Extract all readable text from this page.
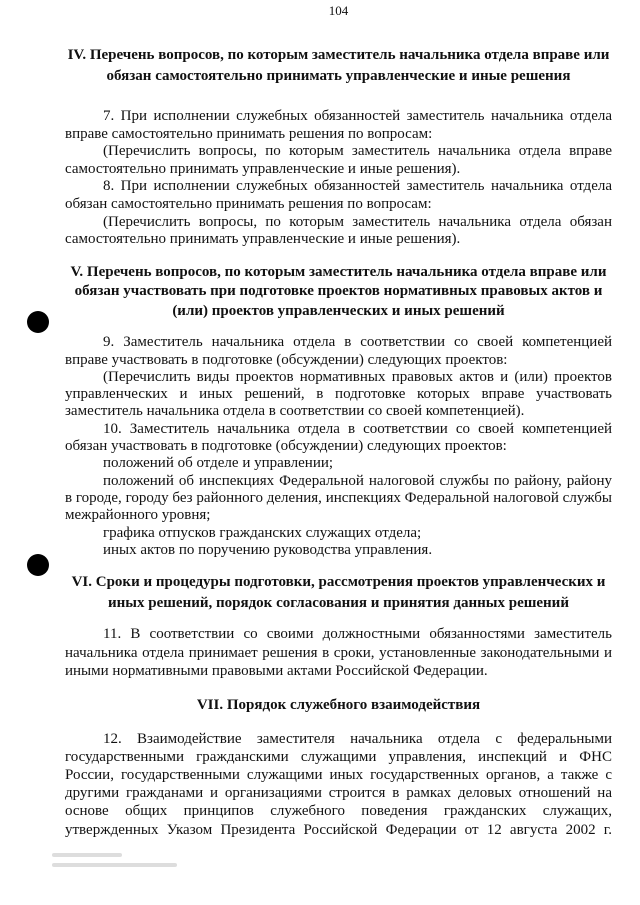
104
IV. Перечень вопросов, по которым заместитель начальника отдела вправе или обязан самостоятельно принимать управленческие и иные решения

7. При исполнении служебных обязанностей заместитель начальника отдела вправе самостоятельно принимать решения по вопросам:

(Перечислить вопросы, по которым заместитель начальника отдела вправе самостоятельно принимать управленческие и иные решения).

8. При исполнении служебных обязанностей заместитель начальника отдела обязан самостоятельно принимать решения по вопросам:

(Перечислить вопросы, по которым заместитель начальника отдела обязан самостоятельно принимать управленческие и иные решения).

V. Перечень вопросов, по которым заместитель начальника отдела вправе или обязан участвовать при подготовке проектов нормативных правовых актов и (или) проектов управленческих и иных решений

9. Заместитель начальника отдела в соответствии со своей компетенцией вправе участвовать в подготовке (обсуждении) следующих проектов:

(Перечислить виды проектов нормативных правовых актов и (или) проектов управленческих и иных решений, в подготовке которых вправе участвовать заместитель начальника отдела в соответствии со своей компетенцией).

10. Заместитель начальника отдела в соответствии со своей компетенцией обязан участвовать в подготовке (обсуждении) следующих проектов:

положений об отделе и управлении;

положений об инспекциях Федеральной налоговой службы по району, району в городе, городу без районного деления, инспекциях Федеральной налоговой службы межрайонного уровня;

графика отпусков гражданских служащих отдела;

иных актов по поручению руководства управления.

VI. Сроки и процедуры подготовки, рассмотрения проектов управленческих и иных решений, порядок согласования и принятия данных решений

11. В соответствии со своими должностными обязанностями заместитель начальника отдела принимает решения в сроки, установленные законодательными и иными нормативными правовыми актами Российской Федерации.

VII. Порядок служебного взаимодействия

12. Взаимодействие заместителя начальника отдела с федеральными государственными гражданскими служащими управления, инспекций и ФНС России, государственными служащими иных государственных органов, а также с другими гражданами и организациями строится в рамках деловых отношений на основе общих принципов служебного поведения гражданских служащих, утвержденных Указом Президента Российской Федерации от 12 августа 2002 г.
